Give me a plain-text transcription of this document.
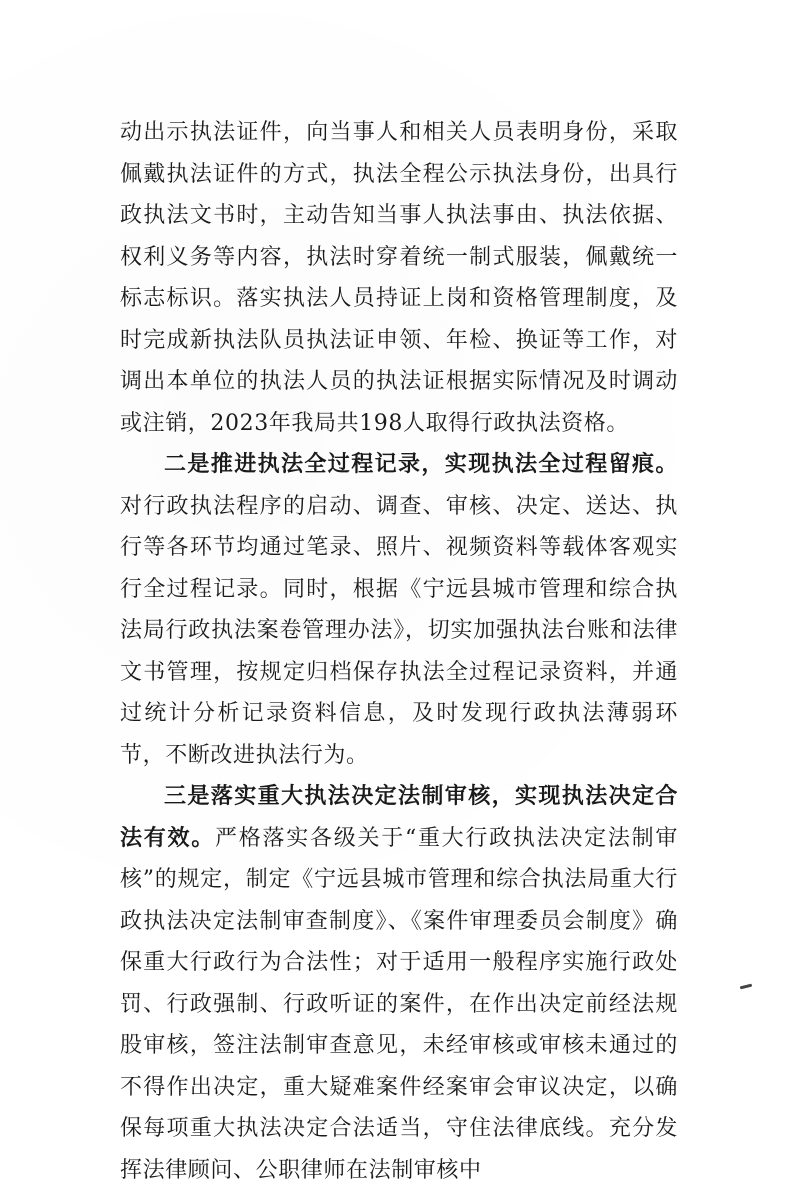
动出示执法证件，向当事人和相关人员表明身份，采取佩戴执法证件的方式，执法全程公示执法身份，出具行政执法文书时，主动告知当事人执法事由、执法依据、权利义务等内容，执法时穿着统一制式服装，佩戴统一标志标识。落实执法人员持证上岗和资格管理制度，及时完成新执法队员执法证申领、年检、换证等工作，对调出本单位的执法人员的执法证根据实际情况及时调动或注销，2023年我局共198人取得行政执法资格。

二是推进执法全过程记录，实现执法全过程留痕。对行政执法程序的启动、调查、审核、决定、送达、执行等各环节均通过笔录、照片、视频资料等载体客观实行全过程记录。同时，根据《宁远县城市管理和综合执法局行政执法案卷管理办法》，切实加强执法台账和法律文书管理，按规定归档保存执法全过程记录资料，并通过统计分析记录资料信息，及时发现行政执法薄弱环节，不断改进执法行为。

三是落实重大执法决定法制审核，实现执法决定合法有效。严格落实各级关于“重大行政执法决定法制审核”的规定，制定《宁远县城市管理和综合执法局重大行政执法决定法制审查制度》、《案件审理委员会制度》确保重大行政行为合法性；对于适用一般程序实施行政处罚、行政强制、行政听证的案件，在作出决定前经法规股审核，签注法制审查意见，未经审核或审核未通过的不得作出决定，重大疑难案件经案审会审议决定，以确保每项重大执法决定合法适当，守住法律底线。充分发挥法律顾问、公职律师在法制审核中
